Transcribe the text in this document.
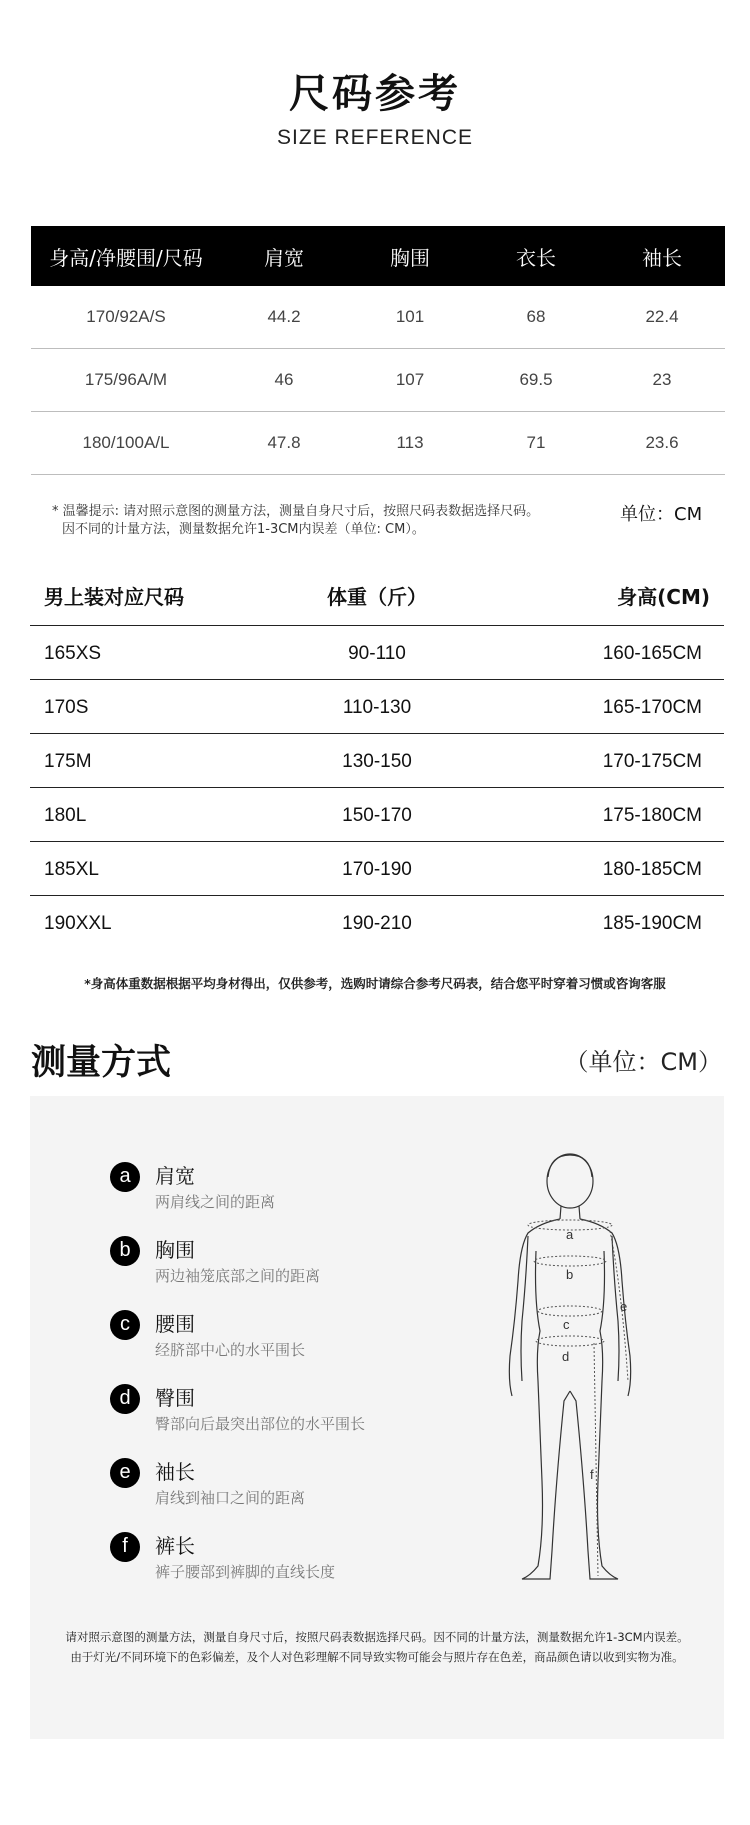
尺码参考
SIZE REFERENCE
身高/净腰围/尺码	肩宽	胸围	衣长	袖长
170/92A/S	44.2	101	68	22.4
175/96A/M	46	107	69.5	23
180/100A/L	47.8	113	71	23.6
* 温馨提示: 请对照示意图的测量方法，测量自身尺寸后，按照尺码表数据选择尺码。
因不同的计量方法，测量数据允许1-3CM内误差（单位: CM）。
单位：CM
男上装对应尺码	体重（斤）	身高(CM)
165XS	90-110	160-165CM
170S	110-130	165-170CM
175M	130-150	170-175CM
180L	150-170	175-180CM
185XL	170-190	180-185CM
190XXL	190-210	185-190CM
*身高体重数据根据平均身材得出，仅供参考，选购时请综合参考尺码表，结合您平时穿着习惯或咨询客服
测量方式	（单位：CM）
a	肩宽
两肩线之间的距离
b	胸围
两边袖笼底部之间的距离
c	腰围
经脐部中心的水平围长
d	臀围
臀部向后最突出部位的水平围长
e	袖长
肩线到袖口之间的距离
f	裤长
裤子腰部到裤脚的直线长度
a
b
c
d
e
f
请对照示意图的测量方法，测量自身尺寸后，按照尺码表数据选择尺码。因不同的计量方法，测量数据允许1-3CM内误差。
由于灯光/不同环境下的色彩偏差，及个人对色彩理解不同导致实物可能会与照片存在色差，商品颜色请以收到实物为准。
